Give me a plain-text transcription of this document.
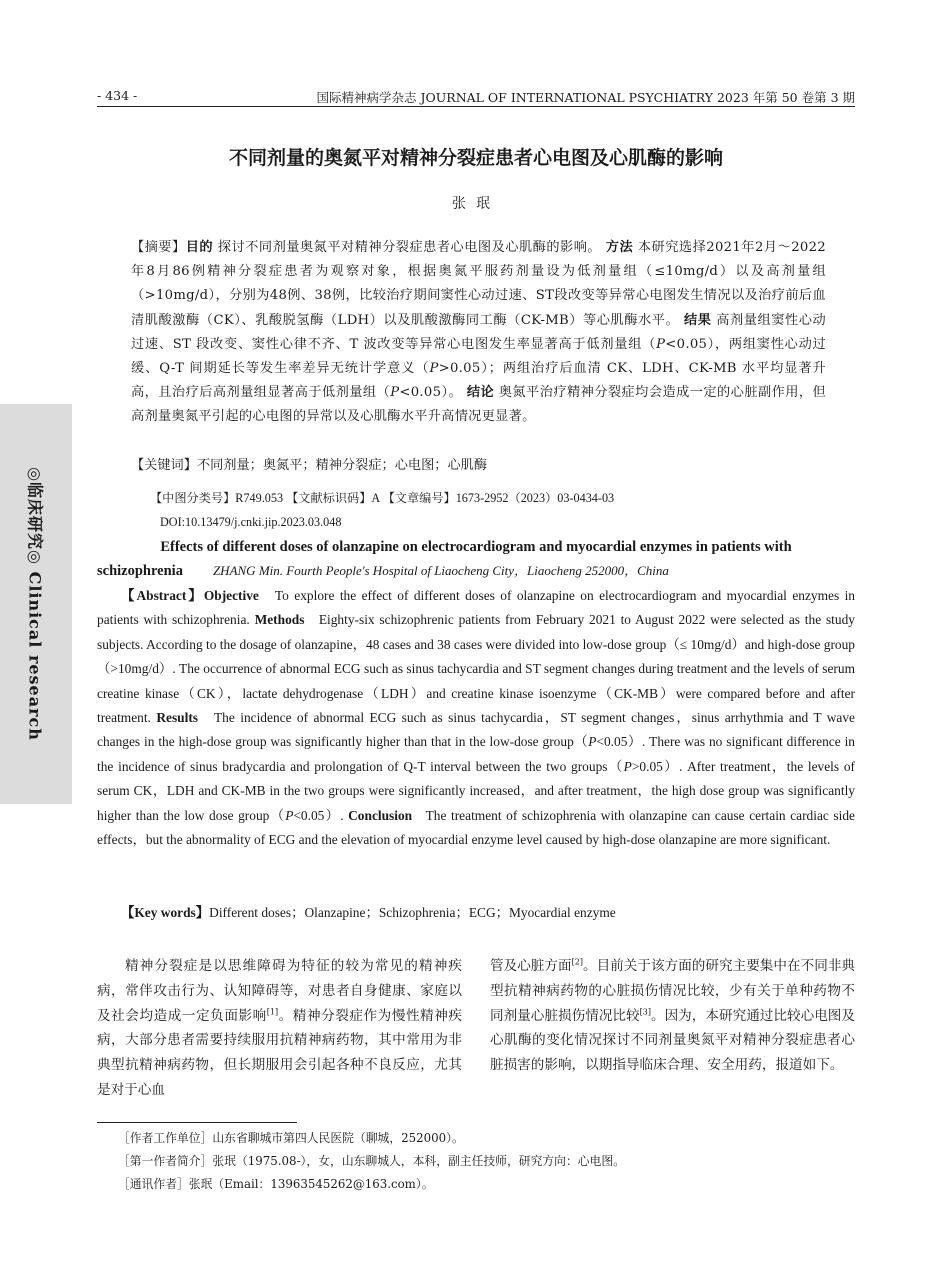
- 434 -	国际精神病学杂志 JOURNAL OF INTERNATIONAL PSYCHIATRY 2023 年第 50 卷第 3 期
◎临床研究◎ Clinical research
不同剂量的奥氮平对精神分裂症患者心电图及心肌酶的影响
张珉
【摘要】目的 探讨不同剂量奥氮平对精神分裂症患者心电图及心肌酶的影响。 方法 本研究选择2021年2月～2022年8月86例精神分裂症患者为观察对象，根据奥氮平服药剂量设为低剂量组（≤10mg/d）以及高剂量组（>10mg/d），分别为48例、38例，比较治疗期间窦性心动过速、ST段改变等异常心电图发生情况以及治疗前后血清肌酸激酶（CK）、乳酸脱氢酶（LDH）以及肌酸激酶同工酶（CK-MB）等心肌酶水平。 结果 高剂量组窦性心动过速、ST 段改变、窦性心律不齐、T 波改变等异常心电图发生率显著高于低剂量组（P<0.05），两组窦性心动过缓、Q-T 间期延长等发生率差异无统计学意义（P>0.05）；两组治疗后血清 CK、LDH、CK-MB 水平均显著升高，且治疗后高剂量组显著高于低剂量组（P<0.05）。 结论 奥氮平治疗精神分裂症均会造成一定的心脏副作用，但高剂量奥氮平引起的心电图的异常以及心肌酶水平升高情况更显著。
【关键词】不同剂量；奥氮平；精神分裂症；心电图；心肌酶
【中图分类号】R749.053 【文献标识码】A 【文章编号】1673-2952（2023）03-0434-03
DOI:10.13479/j.cnki.jip.2023.03.048
Effects of different doses of olanzapine on electrocardiogram and myocardial enzymes in patients with
schizophrenia ZHANG Min. Fourth People's Hospital of Liaocheng City，Liaocheng 252000，China
【Abstract】Objective To explore the effect of different doses of olanzapine on electrocardiogram and myocardial enzymes in patients with schizophrenia. Methods Eighty-six schizophrenic patients from February 2021 to August 2022 were selected as the study subjects. According to the dosage of olanzapine，48 cases and 38 cases were divided into low-dose group（≤ 10mg/d）and high-dose group（>10mg/d）. The occurrence of abnormal ECG such as sinus tachycardia and ST segment changes during treatment and the levels of serum creatine kinase（CK），lactate dehydrogenase（LDH）and creatine kinase isoenzyme（CK-MB）were compared before and after treatment. Results The incidence of abnormal ECG such as sinus tachycardia，ST segment changes，sinus arrhythmia and T wave changes in the high-dose group was significantly higher than that in the low-dose group（P<0.05）. There was no significant difference in the incidence of sinus bradycardia and prolongation of Q-T interval between the two groups（P>0.05）. After treatment，the levels of serum CK，LDH and CK-MB in the two groups were significantly increased，and after treatment，the high dose group was significantly higher than the low dose group（P<0.05）. Conclusion The treatment of schizophrenia with olanzapine can cause certain cardiac side effects，but the abnormality of ECG and the elevation of myocardial enzyme level caused by high-dose olanzapine are more significant.
【Key words】Different doses；Olanzapine；Schizophrenia；ECG；Myocardial enzyme
精神分裂症是以思维障碍为特征的较为常见的精神疾病，常伴攻击行为、认知障碍等，对患者自身健康、家庭以及社会均造成一定负面影响[1]。精神分裂症作为慢性精神疾病，大部分患者需要持续服用抗精神病药物，其中常用为非典型抗精神病药物，但长期服用会引起各种不良反应，尤其是对于心血
管及心脏方面[2]。目前关于该方面的研究主要集中在不同非典型抗精神病药物的心脏损伤情况比较，少有关于单种药物不同剂量心脏损伤情况比较[3]。因为，本研究通过比较心电图及心肌酶的变化情况探讨不同剂量奥氮平对精神分裂症患者心脏损害的影响，以期指导临床合理、安全用药，报道如下。
［作者工作单位］山东省聊城市第四人民医院（聊城，252000）。
［第一作者简介］张珉（1975.08-），女，山东聊城人，本科，副主任技师，研究方向：心电图。
［通讯作者］张珉（Email：13963545262@163.com）。
